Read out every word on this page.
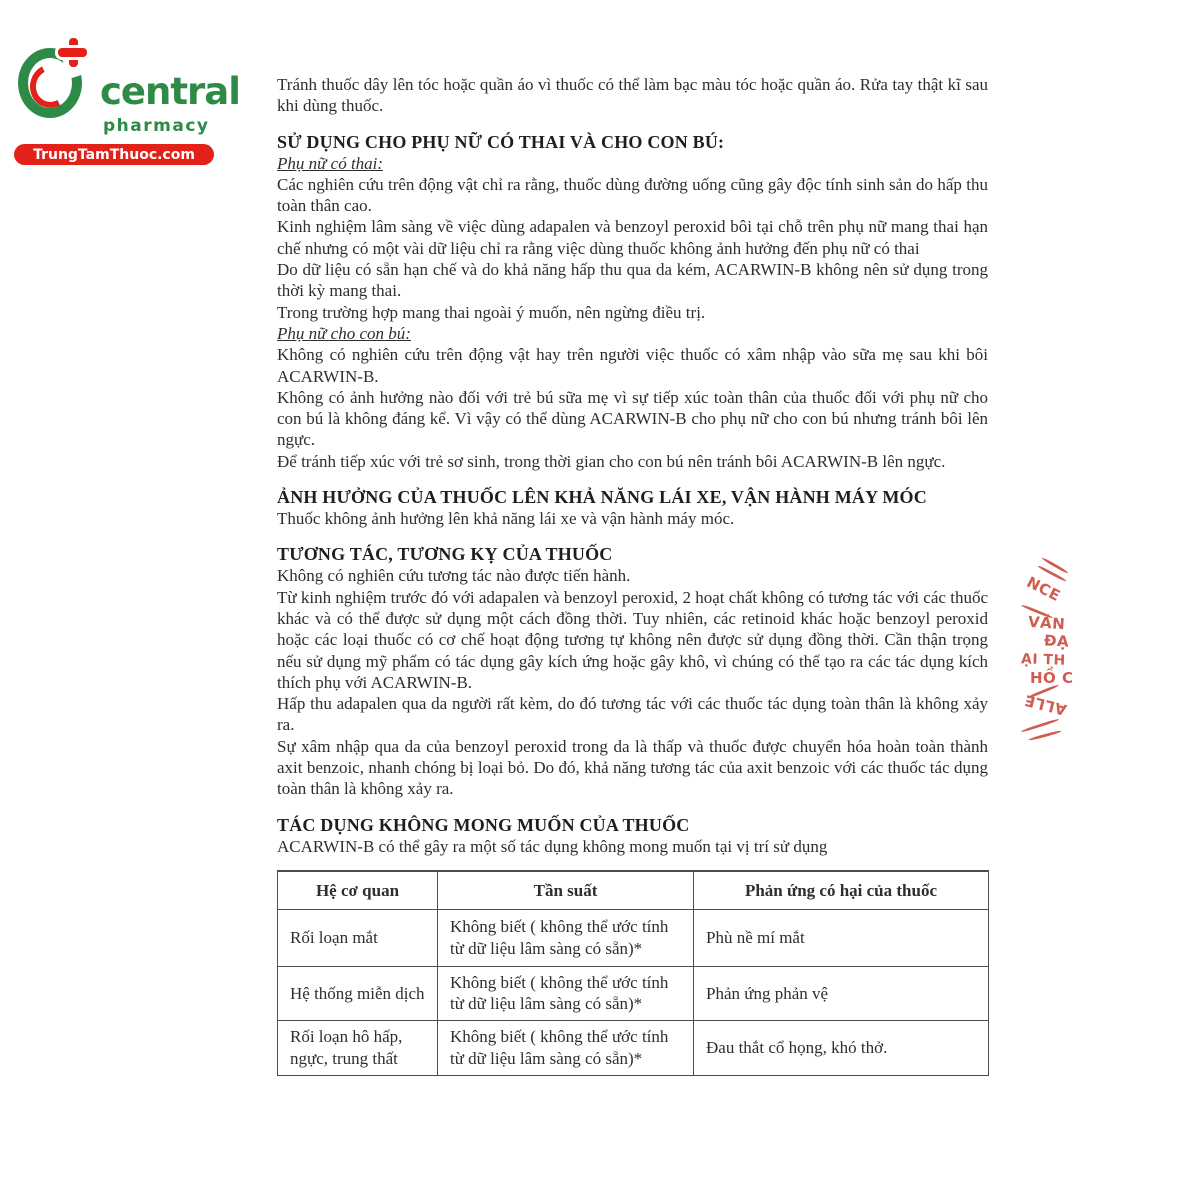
central
pharmacy
TrungTamThuoc.com

Tránh thuốc dây lên tóc hoặc quần áo vì thuốc có thể làm bạc màu tóc hoặc quần áo. Rửa tay thật kĩ sau khi dùng thuốc.

SỬ DỤNG CHO PHỤ NỮ CÓ THAI VÀ CHO CON BÚ:

Phụ nữ có thai:

Các nghiên cứu trên động vật chỉ ra rằng, thuốc dùng đường uống cũng gây độc tính sinh sản do hấp thu toàn thân cao.

Kinh nghiệm lâm sàng về việc dùng adapalen và benzoyl peroxid bôi tại chỗ trên phụ nữ mang thai hạn chế nhưng có một vài dữ liệu chỉ ra rằng việc dùng thuốc không ảnh hưởng đến phụ nữ có thai

Do dữ liệu có sẵn hạn chế và do khả năng hấp thu qua da kém, ACARWIN-B không nên sử dụng trong thời kỳ mang thai.

Trong trường hợp mang thai ngoài ý muốn, nên ngừng điều trị.

Phụ nữ cho con bú:

Không có nghiên cứu trên động vật hay trên người việc thuốc có xâm nhập vào sữa mẹ sau khi bôi ACARWIN-B.

Không có ảnh hưởng nào đối với trẻ bú sữa mẹ vì sự tiếp xúc toàn thân của thuốc đối với phụ nữ cho con bú là không đáng kể. Vì vậy có thể dùng ACARWIN-B cho phụ nữ cho con bú nhưng tránh bôi lên ngực.

Để tránh tiếp xúc với trẻ sơ sinh, trong thời gian cho con bú nên tránh bôi ACARWIN-B lên ngực.

ẢNH HƯỞNG CỦA THUỐC LÊN KHẢ NĂNG LÁI XE, VẬN HÀNH MÁY MÓC

Thuốc không ảnh hưởng lên khả năng lái xe và vận hành máy móc.

TƯƠNG TÁC, TƯƠNG KỴ CỦA THUỐC

Không có nghiên cứu tương tác nào được tiến hành.

Từ kinh nghiệm trước đó với adapalen và benzoyl peroxid, 2 hoạt chất không có tương tác với các thuốc khác và có thể được sử dụng một cách đồng thời. Tuy nhiên, các retinoid khác hoặc benzoyl peroxid hoặc các loại thuốc có cơ chế hoạt động tương tự không nên được sử dụng đồng thời. Cần thận trọng nếu sử dụng mỹ phẩm có tác dụng gây kích ứng hoặc gây khô, vì chúng có thể tạo ra các tác dụng kích thích phụ với ACARWIN-B.

Hấp thu adapalen qua da người rất kèm, do đó tương tác với các thuốc tác dụng toàn thân là không xảy ra.

Sự xâm nhập qua da của benzoyl peroxid trong da là thấp và thuốc được chuyển hóa hoàn toàn thành axit benzoic, nhanh chóng bị loại bỏ. Do đó, khả năng tương tác của axit benzoic với các thuốc tác dụng toàn thân là không xảy ra.

TÁC DỤNG KHÔNG MONG MUỐN CỦA THUỐC

ACARWIN-B có thể gây ra một số tác dụng không mong muốn tại vị trí sử dụng

Hệ cơ quan	Tần suất	Phản ứng có hại của thuốc
Rối loạn mắt	Không biết ( không thể ước tính từ dữ liệu lâm sàng có sẵn)*	Phù nề mí mắt
Hệ thống miễn dịch	Không biết ( không thể ước tính từ dữ liệu lâm sàng có sẵn)*	Phản ứng phản vệ
Rối loạn hô hấp, ngực, trung thất	Không biết ( không thể ước tính từ dữ liệu lâm sàng có sẵn)*	Đau thắt cổ họng, khó thở.
NCE
VĂN
ĐẠ
ẠI TH
HỒ C
ALLE
